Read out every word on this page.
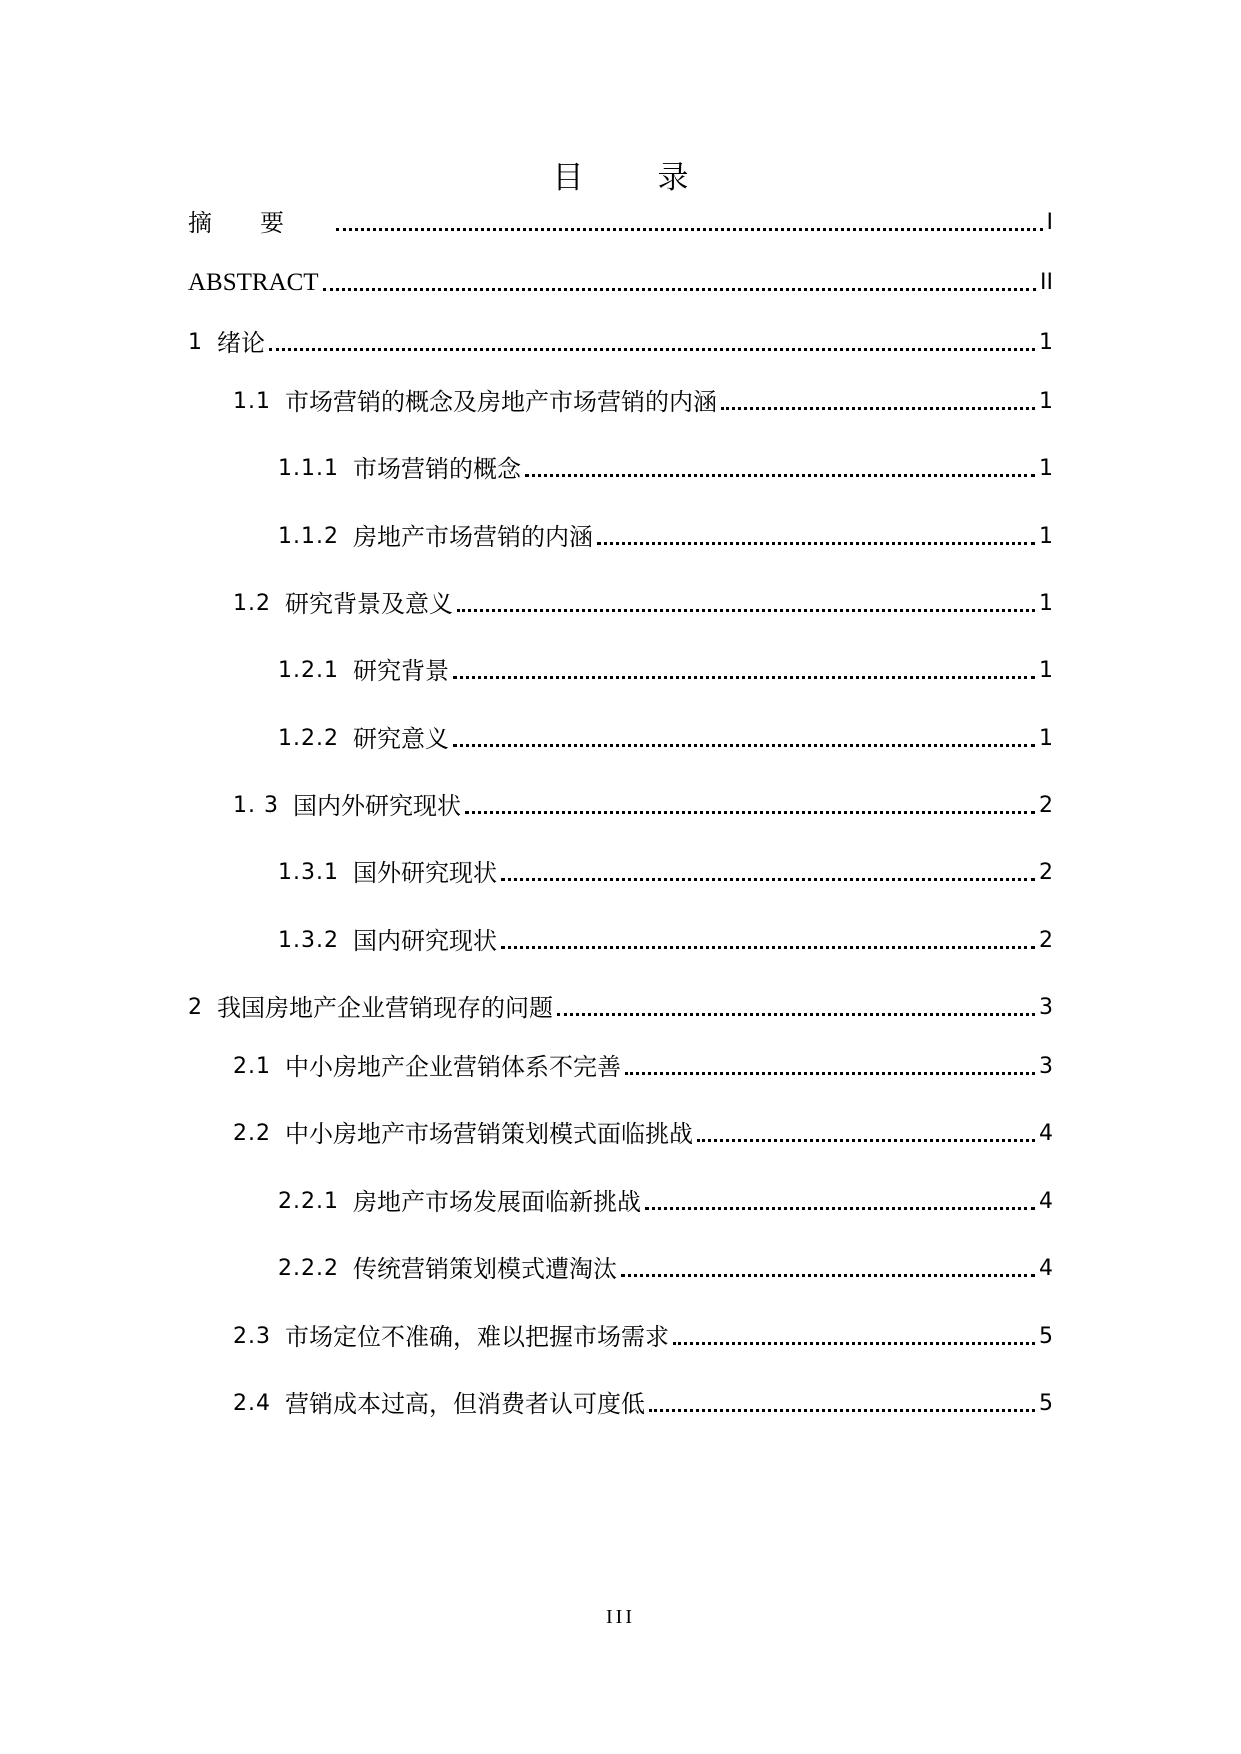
目 录
摘要	I
ABSTRACT	II
1 绪论	1
1.1 市场营销的概念及房地产市场营销的内涵	1
1.1.1 市场营销的概念	1
1.1.2 房地产市场营销的内涵	1
1.2 研究背景及意义	1
1.2.1 研究背景	1
1.2.2 研究意义	1
1. 3 国内外研究现状	2
1.3.1 国外研究现状	2
1.3.2 国内研究现状	2
2 我国房地产企业营销现存的问题	3
2.1 中小房地产企业营销体系不完善	3
2.2 中小房地产市场营销策划模式面临挑战	4
2.2.1 房地产市场发展面临新挑战	4
2.2.2 传统营销策划模式遭淘汰	4
2.3 市场定位不准确，难以把握市场需求	5
2.4 营销成本过高，但消费者认可度低	5
III
